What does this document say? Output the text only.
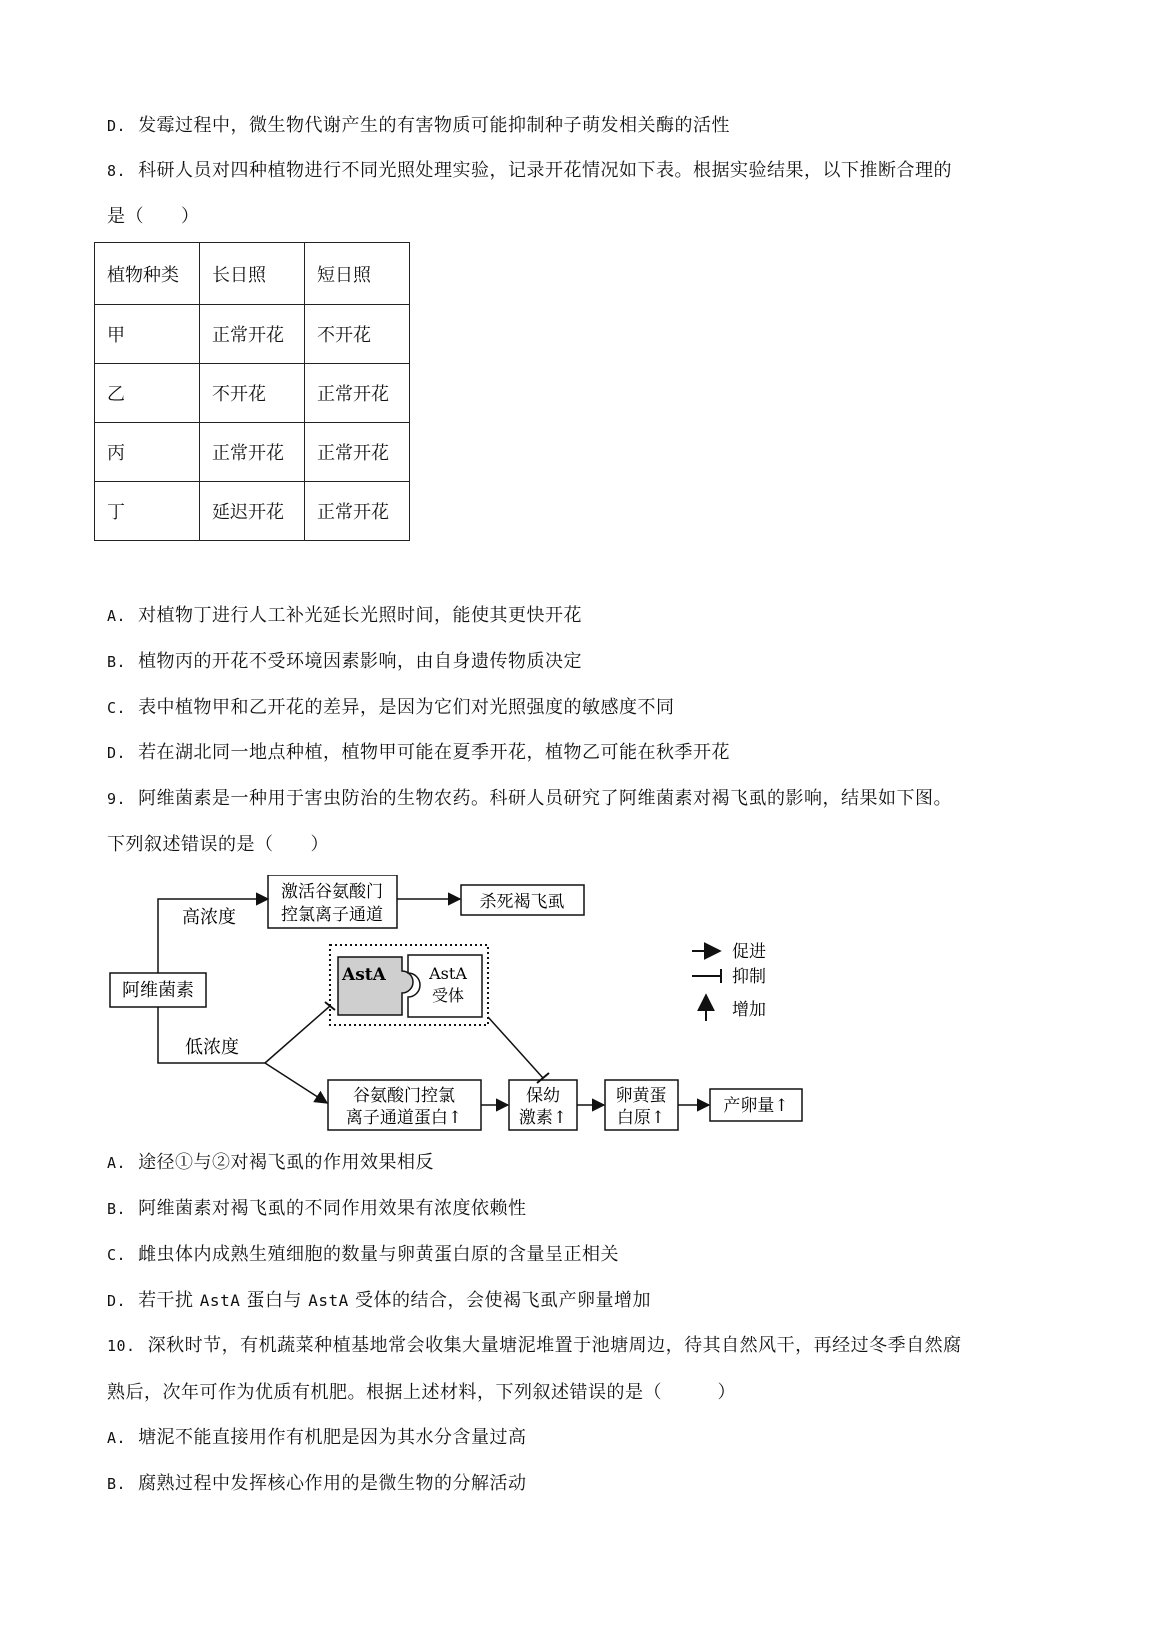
D. 发霉过程中，微生物代谢产生的有害物质可能抑制种子萌发相关酶的活性
8. 科研人员对四种植物进行不同光照处理实验，记录开花情况如下表。根据实验结果，以下推断合理的
是（　　）
植物种类	长日照	短日照
甲	正常开花	不开花
乙	不开花	正常开花
丙	正常开花	正常开花
丁	延迟开花	正常开花
A. 对植物丁进行人工补光延长光照时间，能使其更快开花
B. 植物丙的开花不受环境因素影响，由自身遗传物质决定
C. 表中植物甲和乙开花的差异，是因为它们对光照强度的敏感度不同
D. 若在湖北同一地点种植，植物甲可能在夏季开花，植物乙可能在秋季开花
9. 阿维菌素是一种用于害虫防治的生物农药。科研人员研究了阿维菌素对褐飞虱的影响，结果如下图。
下列叙述错误的是（　　）
阿维菌素
高浓度
低浓度
激活谷氨酸门
控氯离子通道
杀死褐飞虱
AstA	AstA
受体
谷氨酸门控氯
离子通道蛋白↑
保幼
激素↑
卵黄蛋
白原↑
产卵量↑
促进
抑制
增加
A. 途径①与②对褐飞虱的作用效果相反
B. 阿维菌素对褐飞虱的不同作用效果有浓度依赖性
C. 雌虫体内成熟生殖细胞的数量与卵黄蛋白原的含量呈正相关
D. 若干扰 AstA 蛋白与 AstA 受体的结合，会使褐飞虱产卵量增加
10. 深秋时节，有机蔬菜种植基地常会收集大量塘泥堆置于池塘周边，待其自然风干，再经过冬季自然腐
熟后，次年可作为优质有机肥。根据上述材料，下列叙述错误的是（　　　）
A. 塘泥不能直接用作有机肥是因为其水分含量过高
B. 腐熟过程中发挥核心作用的是微生物的分解活动
